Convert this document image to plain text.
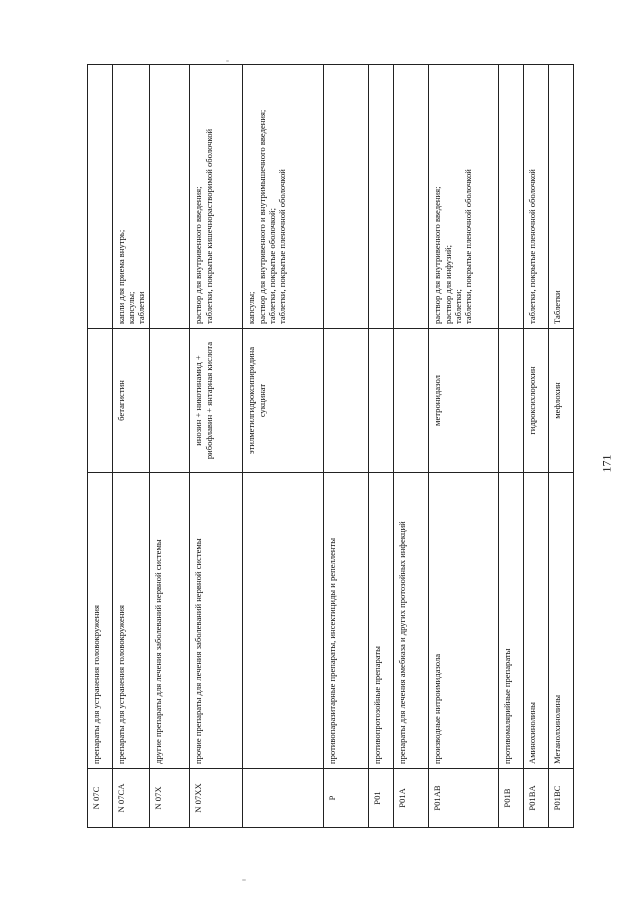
N 07C	препараты для устранения головокружения		
N 07CA	препараты для устранения головокружения	бетагистин	капли для приема внутрь;
капсулы;
таблетки
N 07X	другие препараты для лечения заболеваний нервной системы		
N 07XX	прочие препараты для лечения заболеваний нервной системы	инозин + никотинамид + рибофлавин + янтарная кислота	раствор для внутривенного введения;
таблетки, покрытые кишечнорастворимой оболочкой
		этилметилгидроксипиридина сукцинат	капсулы;
раствор для внутривенного и внутримышечного введения;
таблетки, покрытые оболочкой;
таблетки, покрытые пленочной оболочкой
P	противопаразитарные препараты, инсектициды и репелленты		
P01	противопротозойные препараты		
P01A	препараты для лечения амебиаза и других протозойных инфекций		
P01AB	производные нитроимидазола	метронидазол	раствор для внутривенного введения;
раствор для инфузий;
таблетки;
таблетки, покрытые пленочной оболочкой
P01B	противомалярийные препараты		
P01BA	Аминохинолины	гидроксихлорохин	таблетки, покрытые пленочной оболочкой
P01BC	Метанолхинолины	мефлохин	Таблетки
171
